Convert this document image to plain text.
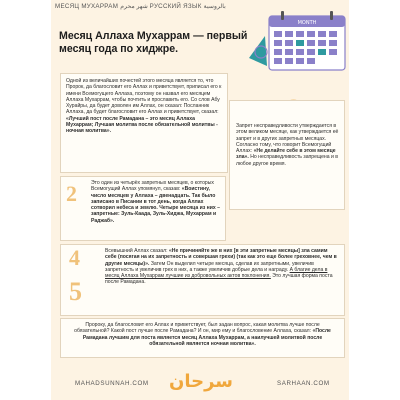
МЕСЯЦ МУХАРРАМ شهر محرم РУССКИЙ ЯЗЫК بالروسية
Месяц Аллаха Мухаррам — первый месяц года по хиджре.
MONTH
Одной из величайших почестей этого месяца является то, что Пророк, да благословит его Аллах и приветствует, приписал его к имени Всемогущего Аллаха, поэтому он назвал его месяцем Аллаха Мухаррам, чтобы почтить и прославить его. Со слов Абу Хурайры, да будет доволен им Аллах, он сказал: Посланник Аллаха, да будет благословит его Аллах и приветствует, сказал: «Лучший пост после Рамадана – это месяц Аллаха Мухаррам; Лучшая молитва после обязательной молитвы - ночная молитва».
Запрет несправедливости утверждается в этом великом месяце, как утверждается её запрет и в других запретных месяцах. Согласно тому, что говорит Всемогущий Аллах: «Не делайте себе в этом месяце зла». Но несправедливость запрещена и в любое другое время.
2	Это один из четырёх запретных месяцев, о которых Всемогущий Аллах упомянул, сказав: «Воистину, число месяцев у Аллаха – двенадцать. Так было записано в Писании в тот день, когда Аллах сотворил небеса и землю. Четыре месяца из них – запретные: Зуль-Каада, Зуль-Хиджа, Мухаррам и Раджаб».
4
5
Всевышний Аллах сказал: «Не причиняйте же в них [в эти запретные месяцы] зла самим себе (посягая на их запретность и совершая грехи) (так как это еще более греховнее, чем в другие месяцы)». Затем Он выделил четыре месяца, сделав их запретными, увеличив запретность и увеличив грех в них, а также увеличив добрые дела и награду. А благие дела в месяц Аллаха Мухаррам лучшие из добровольных актов поклонения. Это лучшая форма поста после Рамадана.
Пророку, да благословит его Аллах и приветствует, был задан вопрос, какая молитва лучше после обязательной? Какой пост лучше после Рамадана? И он, мир ему и благословение Аллаха, сказал: «После Рамадана лучшим для поста является месяц Аллаха Мухаррам, а наилучшей молитвой после обязательной является ночная молитва».
MAHADSUNNAH.COM سرحان	SARHAAN.COM
